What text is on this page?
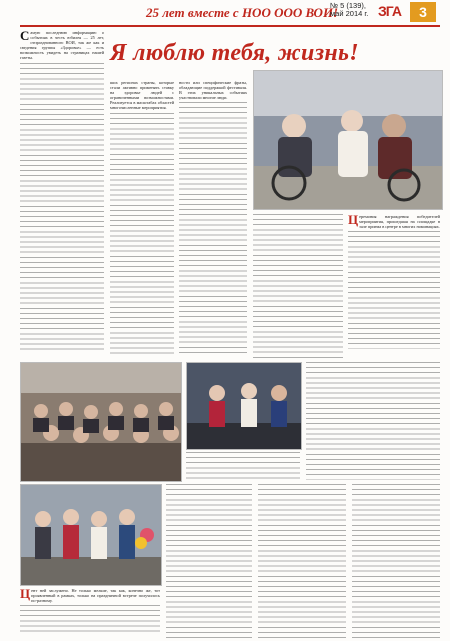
25 лет вместе с НОО ООО ВОИ!
№ 5 (139),
май 2014 г. ЗГА	3
С амую последнюю информацию о событиях в честь юбилея — 25 лет, отпразднованного ВОИ, так же как и сведения группы «Здоровье» — есть возможность увидеть на страницах нашей газеты.	Я люблю тебя, жизнь!
ших регионах страны, которые стали активно применять ставку на здоровье людей с ограниченными возможностями. Реализуется в масштабах областей многочисленные мероприятия.
ности или специфические фразы, обладающие поддержкой фестиваля. В этих уникальных событиях участвовали многие люди.
Ц еремония награждения победителей мероприятия, прошедшая на площадке в зале приема в центре в многих номинациях.
Ц ент ней заслужено. Не только мелкие, так как, конечно же, тот проявленный в рамках, только на праздничной встрече получилось по-разному.
